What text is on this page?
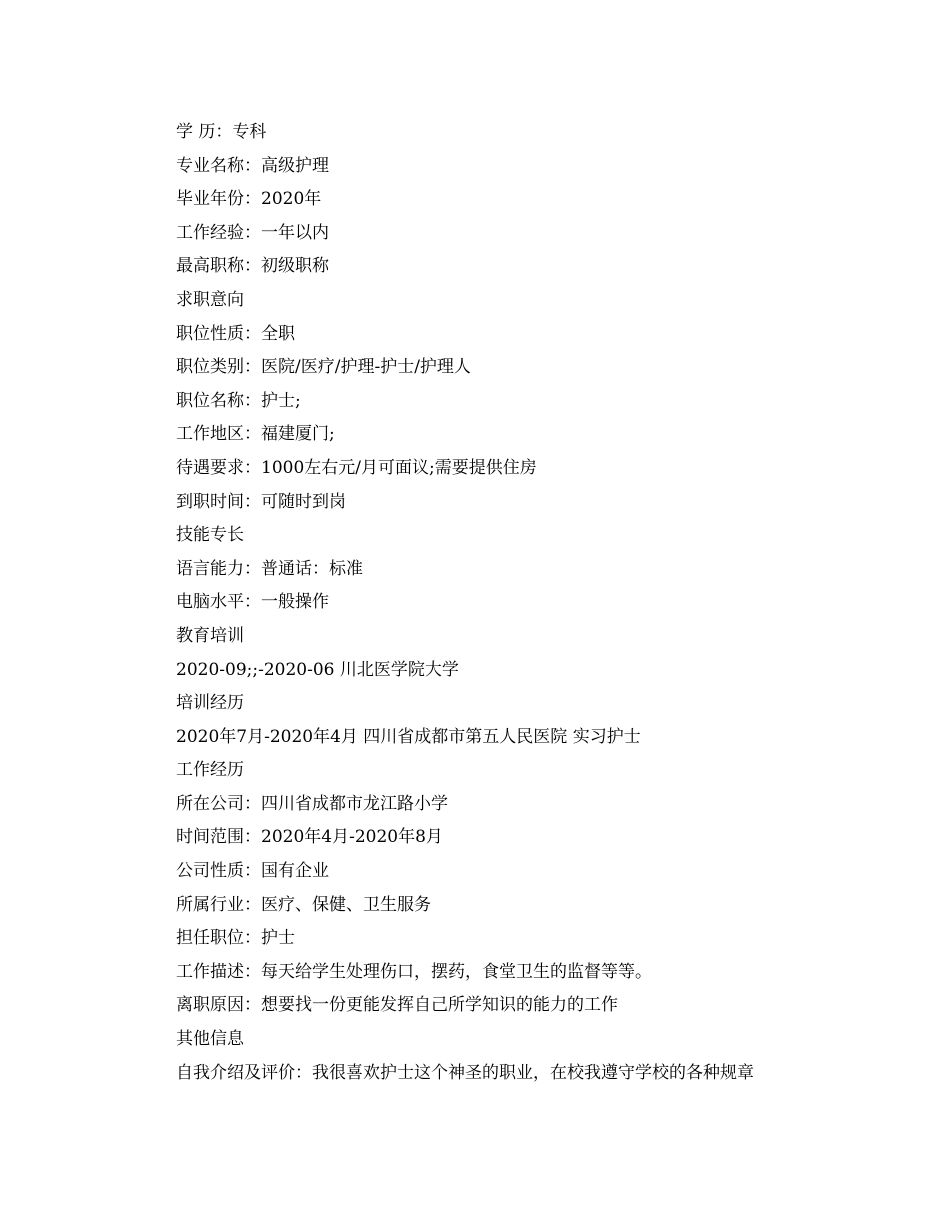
学 历：专科
专业名称：高级护理
毕业年份：2020年
工作经验：一年以内
最高职称：初级职称
求职意向
职位性质：全职
职位类别：医院/医疗/护理-护士/护理人
职位名称：护士;
工作地区：福建厦门;
待遇要求：1000左右元/月可面议;需要提供住房
到职时间：可随时到岗
技能专长
语言能力：普通话：标准
电脑水平：一般操作
教育培训
2020-09;;-2020-06 川北医学院大学
培训经历
2020年7月-2020年4月 四川省成都市第五人民医院 实习护士
工作经历
所在公司：四川省成都市龙江路小学
时间范围：2020年4月-2020年8月
公司性质：国有企业
所属行业：医疗、保健、卫生服务
担任职位：护士
工作描述：每天给学生处理伤口，摆药，食堂卫生的监督等等。
离职原因：想要找一份更能发挥自己所学知识的能力的工作
其他信息
自我介绍及评价：我很喜欢护士这个神圣的职业，在校我遵守学校的各种规章
